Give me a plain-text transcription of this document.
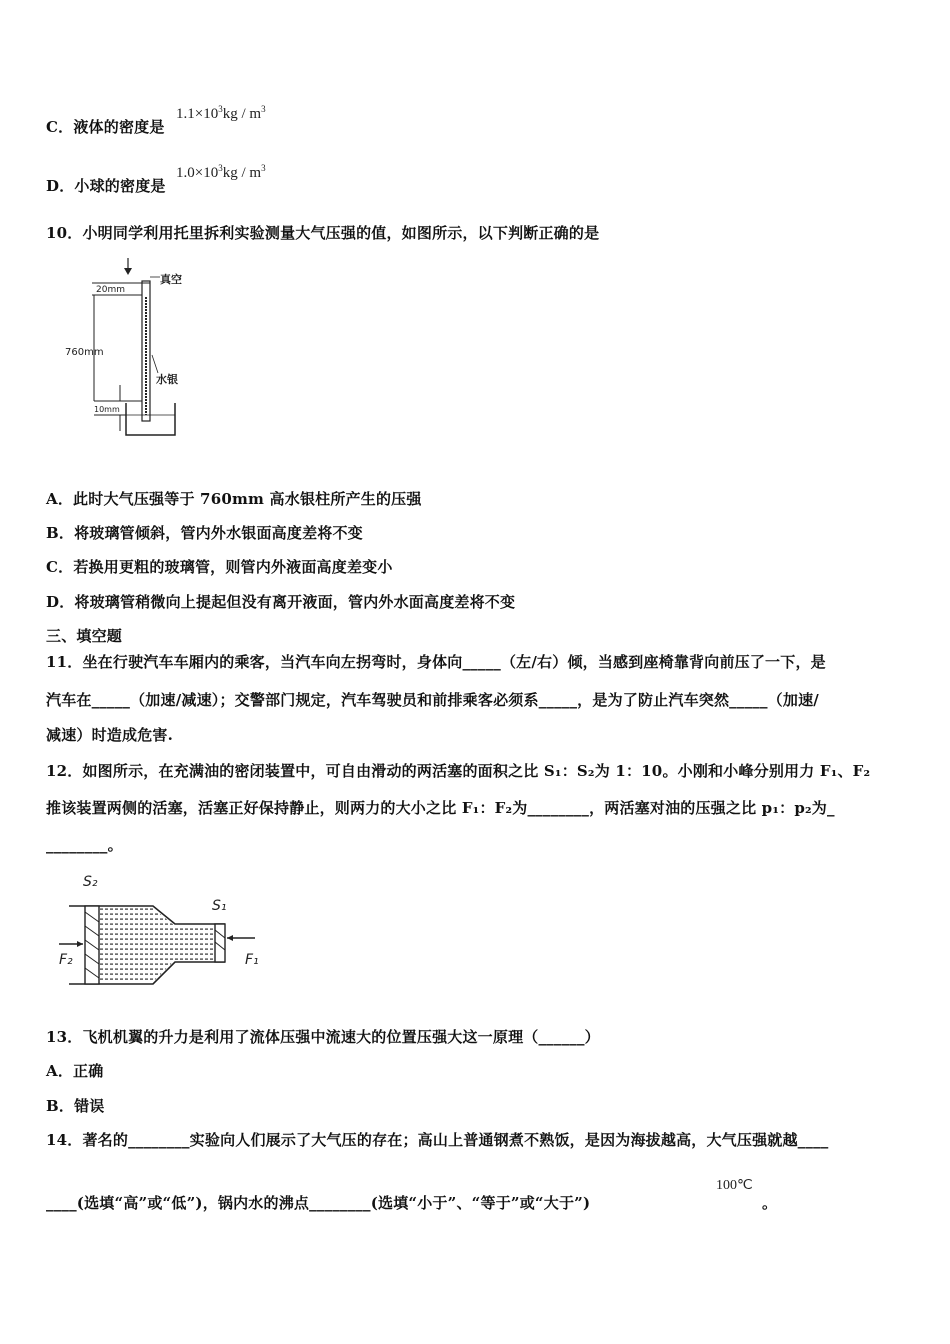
C．液体的密度是
$1.1\times 10^3kg / m^3$
D．小球的密度是
$1.0\times 10^3kg / m^3$
10．小明同学利用托里拆利实验测量大气压强的值，如图所示，以下判断正确的是
20mm
真空
760mm
水银
10mm
A．此时大气压强等于 760mm 高水银柱所产生的压强
B．将玻璃管倾斜，管内外水银面高度差将不变
C．若换用更粗的玻璃管，则管内外液面高度差变小
D．将玻璃管稍微向上提起但没有离开液面，管内外水面高度差将不变
三、填空题
11．坐在行驶汽车车厢内的乘客，当汽车向左拐弯时，身体向_____（左/右）倾，当感到座椅靠背向前压了一下，是
汽车在_____（加速/减速）；交警部门规定，汽车驾驶员和前排乘客必须系_____，是为了防止汽车突然_____（加速/
减速）时造成危害.
12．如图所示，在充满油的密闭装置中，可自由滑动的两活塞的面积之比 S₁：S₂为 1：10。小刚和小峰分别用力 F₁、F₂
推该装置两侧的活塞，活塞正好保持静止，则两力的大小之比 F₁：F₂为________，两活塞对油的压强之比 p₁：p₂为_
________。
S₂
S₁
F₂	F₁
13．飞机机翼的升力是利用了流体压强中流速大的位置压强大这一原理（______）
A．正确
B．错误
14．著名的________实验向人们展示了大气压的存在；高山上普通钢煮不熟饭，是因为海拔越高，大气压强就越____
____(选填“高”或“低”)，锅内水的沸点________(选填“小于”、“等于”或“大于”)
100℃
。
